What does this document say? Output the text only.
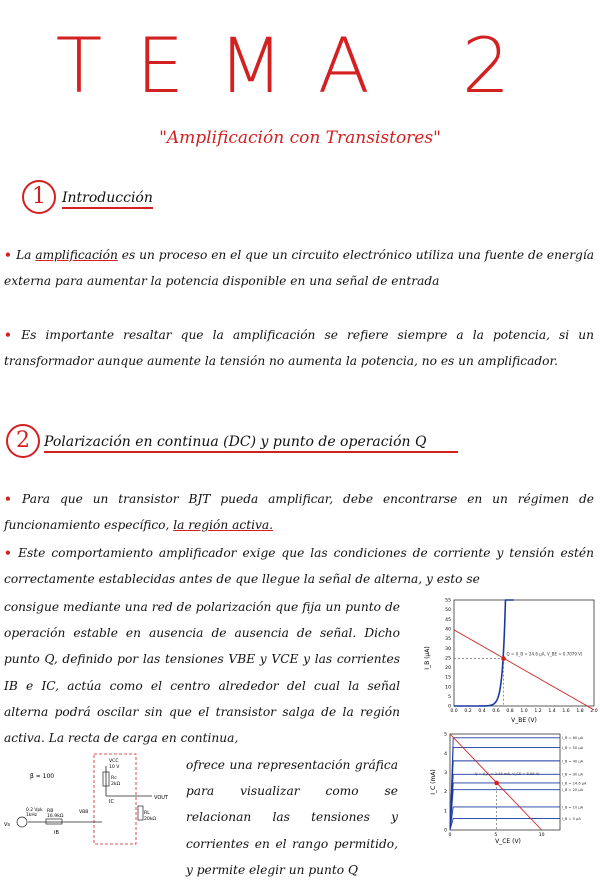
TEMA 2
"Amplificación con Transistores"
1	Introducción
• La amplificación es un proceso en el que un circuito electrónico utiliza una fuente de energía externa para aumentar la potencia disponible en una señal de entrada
• Es importante resaltar que la amplificación se refiere siempre a la potencia, si un transformador aunque aumente la tensión no aumenta la potencia, no es un amplificador.
2	Polarización en continua (DC) y punto de operación Q
• Para que un transistor BJT pueda amplificar, debe encontrarse en un régimen de funcionamiento específico, la región activa.
• Este comportamiento amplificador exige que las condiciones de corriente y tensión estén correctamente establecidas antes de que llegue la señal de alterna, y esto se
consigue mediante una red de polarización que fija un punto de operación estable en ausencia de ausencia de señal. Dicho punto Q, definido por las tensiones VBE y VCE y las corrientes IB e IC, actúa como el centro alrededor del cual la señal alterna podrá oscilar sin que el transistor salga de la región activa. La recta de carga en continua,
ofrece una representación gráfica para visualizar como se relacionan las tensiones y corrientes en el rango permitido, y permite elegir un punto Q
0
5
10
15
20
25
30
35
40
45
50
55
0.0 0.2 0.4 0.6 0.8 1.0 1.2 1.4 1.6 1.8 2.0
Q = (I_B = 24.6 µA, V_BE = 0.7079 V)
I_B (µA)
V_BE (V)
0
1
2
3
4
5
0	5	10
I_B = 60 µA
I_B = 50 µA
I_B = 40 µA
I_B = 30 µA
I_B = 24.6 µA
I_B = 20 µA
I_B = 10 µA
I_B = 5 µA
Q = (I_C = 2.45 mA, V_CE = 5.09 V)
I_C (mA)
V_CE (V)
β = 100
VCC
10 V
Rc
2kΩ
VOUT
IC
RL
20kΩ
RB
16.9kΩ
VBB
IB
Vs
0.2 Vpk
1kHz
